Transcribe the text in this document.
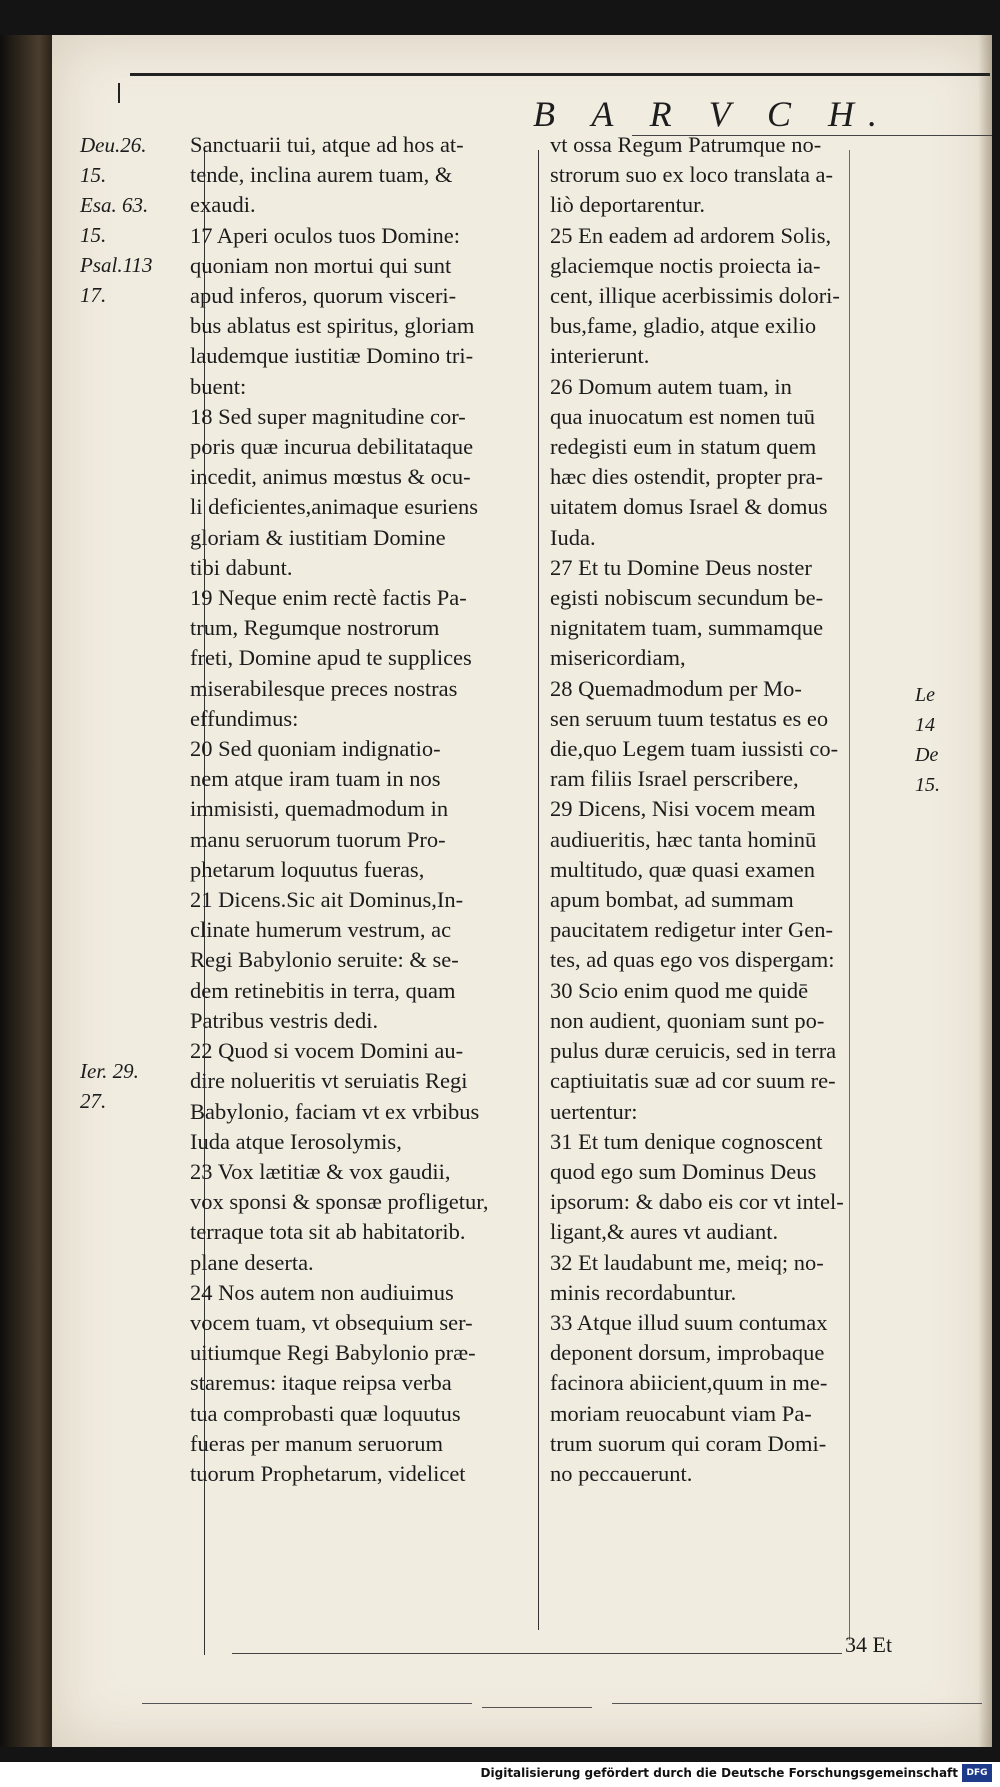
B A R V C H.
Deu.26.
15.
Esa. 63.
15.
Psal.113
17.
Ier. 29.
27.
Le
14
De
15.
Sanctuarii tui, atque ad hos at-
tende, inclina aurem tuam, &
exaudi.
17 Aperi oculos tuos Domine:
quoniam non mortui qui sunt
apud inferos, quorum visceri-
bus ablatus est spiritus, gloriam
laudemque iustitiæ Domino tri-
buent:
18 Sed super magnitudine cor-
poris quæ incurua debilitataque
incedit, animus mœstus & ocu-
li deficientes,animaque esuriens
gloriam & iustitiam Domine
tibi dabunt.
19 Neque enim rectè factis Pa-
trum, Regumque nostrorum
freti, Domine apud te supplices
miserabilesque preces nostras
effundimus:
20 Sed quoniam indignatio-
nem atque iram tuam in nos
immisisti, quemadmodum in
manu seruorum tuorum Pro-
phetarum loquutus fueras,
21 Dicens.Sic ait Dominus,In-
clinate humerum vestrum, ac
Regi Babylonio seruite: & se-
dem retinebitis in terra, quam
Patribus vestris dedi.
22 Quod si vocem Domini au-
dire nolueritis vt seruiatis Regi
Babylonio, faciam vt ex vrbibus
Iuda atque Ierosolymis,
23 Vox lætitiæ & vox gaudii,
vox sponsi & sponsæ profligetur,
terraque tota sit ab habitatorib.
plane deserta.
24 Nos autem non audiuimus
vocem tuam, vt obsequium ser-
uitiumque Regi Babylonio præ-
staremus: itaque reipsa verba
tua comprobasti quæ loquutus
fueras per manum seruorum
tuorum Prophetarum, videlicet
vt ossa Regum Patrumque no-
strorum suo ex loco translata a-
liò deportarentur.
25 En eadem ad ardorem Solis,
glaciemque noctis proiecta ia-
cent, illique acerbissimis dolori-
bus,fame, gladio, atque exilio
interierunt.
26 Domum autem tuam, in
qua inuocatum est nomen tuū
redegisti eum in statum quem
hæc dies ostendit, propter pra-
uitatem domus Israel & domus
Iuda.
27 Et tu Domine Deus noster
egisti nobiscum secundum be-
nignitatem tuam, summamque
misericordiam,
28 Quemadmodum per Mo-
sen seruum tuum testatus es eo
die,quo Legem tuam iussisti co-
ram filiis Israel perscribere,
29 Dicens, Nisi vocem meam
audiueritis, hæc tanta hominū
multitudo, quæ quasi examen
apum bombat, ad summam
paucitatem redigetur inter Gen-
tes, ad quas ego vos dispergam:
30 Scio enim quod me quidē
non audient, quoniam sunt po-
pulus duræ ceruicis, sed in terra
captiuitatis suæ ad cor suum re-
uertentur:
31 Et tum denique cognoscent
quod ego sum Dominus Deus
ipsorum: & dabo eis cor vt intel-
ligant,& aures vt audiant.
32 Et laudabunt me, meiq; no-
minis recordabuntur.
33 Atque illud suum contumax
deponent dorsum, improbaque
facinora abiicient,quum in me-
moriam reuocabunt viam Pa-
trum suorum qui coram Domi-
no peccauerunt.
34 Et
Digitalisierung gefördert durch die Deutsche Forschungsgemeinschaft DFG
